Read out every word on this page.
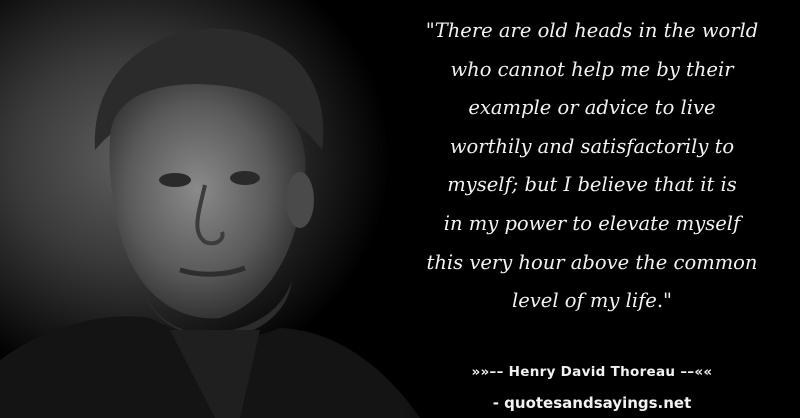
"There are old heads in the world
who cannot help me by their
example or advice to live
worthily and satisfactorily to
myself; but I believe that it is
in my power to elevate myself
this very hour above the common
level of my life."
»»–– Henry David Thoreau ––««
- quotesandsayings.net
